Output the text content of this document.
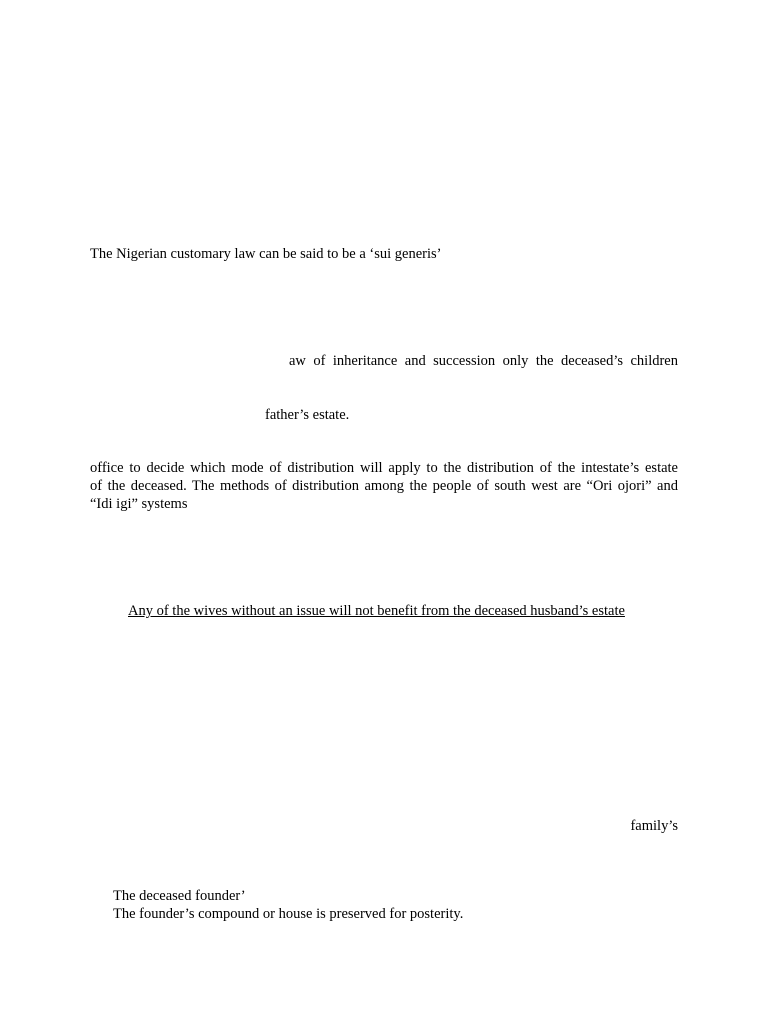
The Nigerian customary law can be said to be a ‘sui generis’
aw of inheritance and succession only the deceased’s children
father’s estate.
office to decide which mode of distribution will apply to the distribution of the intestate’s estate
of the deceased. The methods of distribution among the people of south west are “Ori ojori” and
“Idi igi” systems
Any of the wives without an issue will not benefit from the deceased husband’s estate
family’s
The deceased founder’
The founder’s compound or house is preserved for posterity.
